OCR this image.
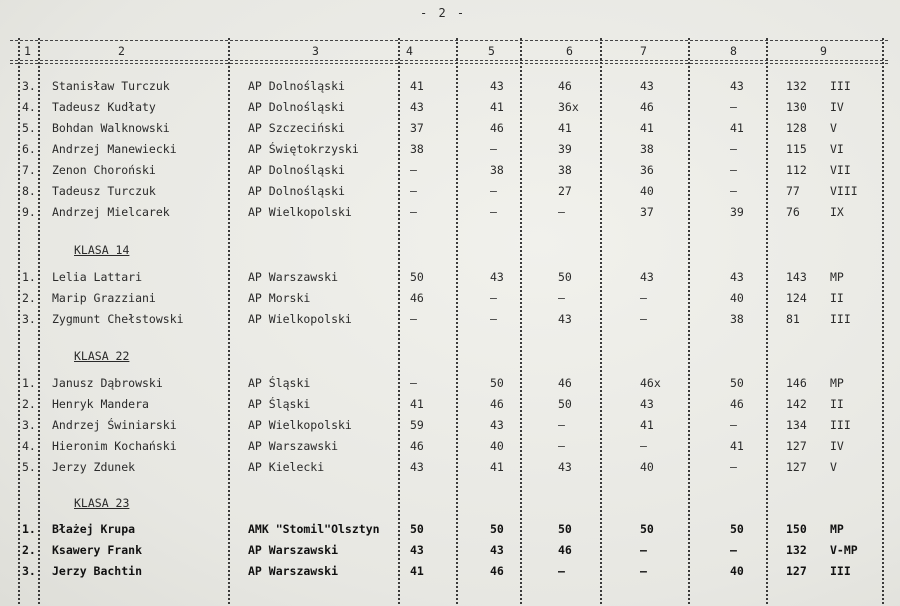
- 2 -
1	2	3	4	5	6	7	8	9
3. Stanisław Turczuk	AP Dolnośląski	41	43	46	43	43	132 III
4. Tadeusz Kudłaty	AP Dolnośląski	43	41	36x	46	–	130 IV
5. Bohdan Walknowski	AP Szczeciński	37	46	41	41	41	128 V
6. Andrzej Manewiecki	AP Świętokrzyski	38	–	39	38	–	115 VI
7. Zenon Choroński	AP Dolnośląski	–	38	38	36	–	112 VII
8. Tadeusz Turczuk	AP Dolnośląski	–	–	27	40	–	77	VIII
9. Andrzej Mielcarek	AP Wielkopolski	–	–	–	37	39	76	IX
KLASA 14
1. Lelia Lattari	AP Warszawski	50	43	50	43	43	143 MP
2. Marip Grazziani	AP Morski	46	–	–	–	40	124 II
3. Zygmunt Chełstowski	AP Wielkopolski	–	–	43	–	38	81	III
KLASA 22
1. Janusz Dąbrowski	AP Śląski	–	50	46	46x	50	146 MP
2. Henryk Mandera	AP Śląski	41	46	50	43	46	142 II
3. Andrzej Świniarski	AP Wielkopolski	59	43	–	41	–	134 III
4. Hieronim Kochański	AP Warszawski	46	40	–	–	41	127 IV
5. Jerzy Zdunek	AP Kielecki	43	41	43	40	–	127 V
KLASA 23
1. Błażej Krupa	AMK "Stomil"Olsztyn	50	50	50	50	50	150 MP
2. Ksawery Frank	AP Warszawski	43	43	46	–	–	132 V-MP
3. Jerzy Bachtin	AP Warszawski	41	46	–	–	40	127 III
